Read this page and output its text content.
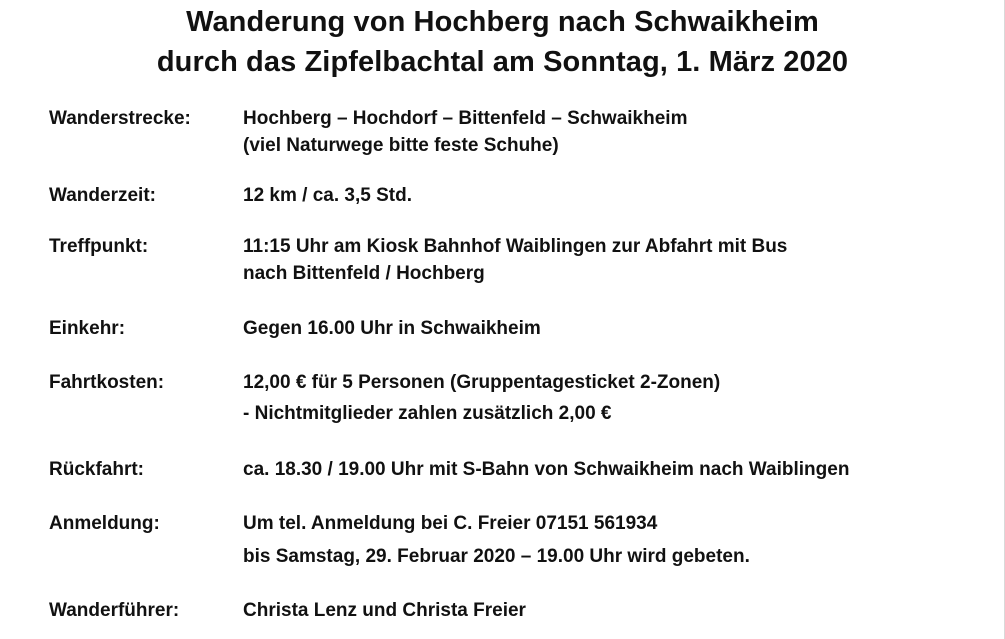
Wanderung von Hochberg nach Schwaikheim
durch das Zipfelbachtal am Sonntag, 1. März 2020
Wanderstrecke:	Hochberg – Hochdorf – Bittenfeld – Schwaikheim
(viel Naturwege bitte feste Schuhe)
Wanderzeit:	12 km / ca. 3,5 Std.
Treffpunkt:	11:15 Uhr am Kiosk Bahnhof Waiblingen zur Abfahrt mit Bus
nach Bittenfeld / Hochberg
Einkehr:	Gegen 16.00 Uhr in Schwaikheim
Fahrtkosten:	12,00 € für 5 Personen (Gruppentagesticket 2-Zonen)
- Nichtmitglieder zahlen zusätzlich 2,00 €
Rückfahrt:	ca. 18.30 / 19.00 Uhr mit S-Bahn von Schwaikheim nach Waiblingen
Anmeldung:	Um tel. Anmeldung bei C. Freier 07151 561934
bis Samstag, 29. Februar 2020 – 19.00 Uhr wird gebeten.
Wanderführer:	Christa Lenz und Christa Freier
